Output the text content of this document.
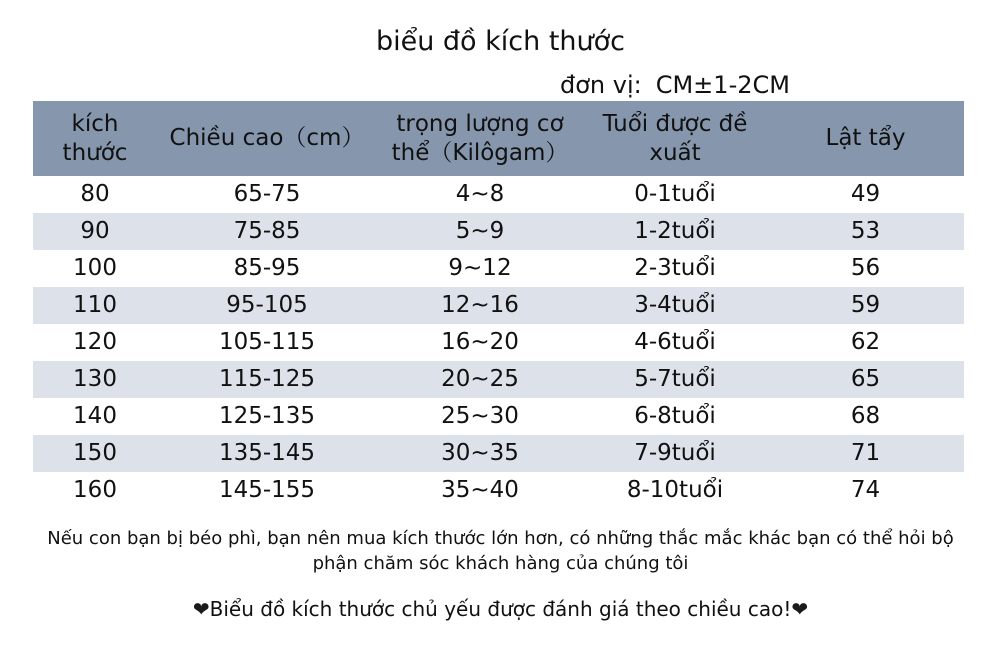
biểu đồ kích thước
đơn vị: CM±1-2CM
kích thước	Chiều cao（cm）	trọng lượng cơ thể（Kilôgam）	Tuổi được đề xuất	Lật tẩy
80	65-75	4~8	0-1tuổi	49
90	75-85	5~9	1-2tuổi	53
100	85-95	9~12	2-3tuổi	56
110	95-105	12~16	3-4tuổi	59
120	105-115	16~20	4-6tuổi	62
130	115-125	20~25	5-7tuổi	65
140	125-135	25~30	6-8tuổi	68
150	135-145	30~35	7-9tuổi	71
160	145-155	35~40	8-10tuổi	74
Nếu con bạn bị béo phì, bạn nên mua kích thước lớn hơn, có những thắc mắc khác bạn có thể hỏi bộ phận chăm sóc khách hàng của chúng tôi
❤Biểu đồ kích thước chủ yếu được đánh giá theo chiều cao!❤
